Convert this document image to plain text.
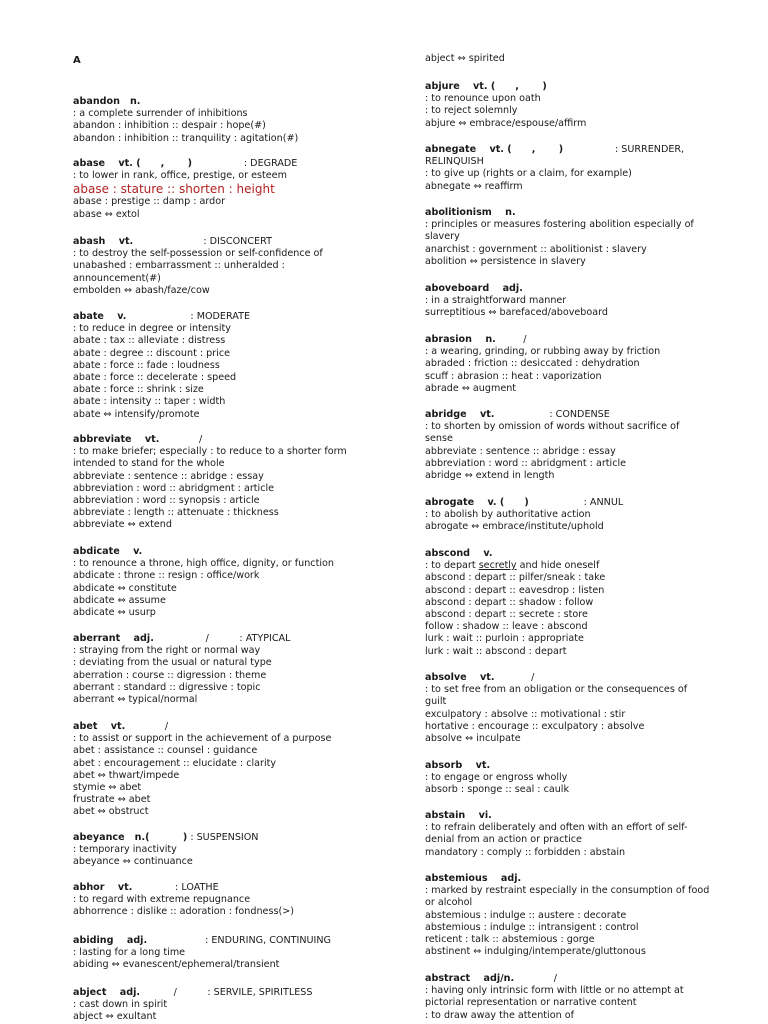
A
abandon   n.
: a complete surrender of inhibitions
abandon : inhibition :: despair : hope(#)
abandon : inhibition :: tranquility : agitation(#)
abase    vt. (      ,       )                 : DEGRADE
: to lower in rank, office, prestige, or esteem
abase : stature :: shorten : height
abase : prestige :: damp : ardor
abase ⇔ extol
abash    vt.                       : DISCONCERT
: to destroy the self-possession or self-confidence of
unabashed : embarrassment :: unheralded :
announcement(#)
embolden ⇔ abash/faze/cow
abate    v.                     : MODERATE
: to reduce in degree or intensity
abate : tax :: alleviate : distress
abate : degree :: discount : price
abate : force :: fade : loudness
abate : force :: decelerate : speed
abate : force :: shrink : size
abate : intensity :: taper : width
abate ⇔ intensify/promote
abbreviate    vt.             /
: to make briefer; especially : to reduce to a shorter form
intended to stand for the whole
abbreviate : sentence :: abridge : essay
abbreviation : word :: abridgment : article
abbreviation : word :: synopsis : article
abbreviate : length :: attenuate : thickness
abbreviate ⇔ extend
abdicate    v.
: to renounce a throne, high office, dignity, or function
abdicate : throne :: resign : office/work
abdicate ⇔ constitute
abdicate ⇔ assume
abdicate ⇔ usurp
aberrant    adj.                 /          : ATYPICAL
: straying from the right or normal way
: deviating from the usual or natural type
aberration : course :: digression : theme
aberrant : standard :: digressive : topic
aberrant ⇔ typical/normal
abet    vt.             /
: to assist or support in the achievement of a purpose
abet : assistance :: counsel : guidance
abet : encouragement :: elucidate : clarity
abet ⇔ thwart/impede
stymie ⇔ abet
frustrate ⇔ abet
abet ⇔ obstruct
abeyance   n.(          ) : SUSPENSION
: temporary inactivity
abeyance ⇔ continuance
abhor    vt.              : LOATHE
: to regard with extreme repugnance
abhorrence : dislike :: adoration : fondness(>)
abiding    adj.                   : ENDURING, CONTINUING
: lasting for a long time
abiding ⇔ evanescent/ephemeral/transient
abject    adj.           /          : SERVILE, SPIRITLESS
: cast down in spirit
abject ⇔ exultant
abject ⇔ spirited
abjure    vt. (      ,       )
: to renounce upon oath
: to reject solemnly
abjure ⇔ embrace/espouse/affirm
abnegate    vt. (      ,       )                 : SURRENDER,
RELINQUISH
: to give up (rights or a claim, for example)
abnegate ⇔ reaffirm
abolitionism    n.
: principles or measures fostering abolition especially of
slavery
anarchist : government :: abolitionist : slavery
abolition ⇔ persistence in slavery
aboveboard    adj.
: in a straightforward manner
surreptitious ⇔ barefaced/aboveboard
abrasion    n.         /
: a wearing, grinding, or rubbing away by friction
abraded : friction :: desiccated : dehydration
scuff : abrasion :: heat : vaporization
abrade ⇔ augment
abridge    vt.                  : CONDENSE
: to shorten by omission of words without sacrifice of
sense
abbreviate : sentence :: abridge : essay
abbreviation : word :: abridgment : article
abridge ⇔ extend in length
abrogate    v. (      )                  : ANNUL
: to abolish by authoritative action
abrogate ⇔ embrace/institute/uphold
abscond    v.
: to depart secretly and hide oneself
abscond : depart :: pilfer/sneak : take
abscond : depart :: eavesdrop : listen
abscond : depart :: shadow : follow
abscond : depart :: secrete : store
follow : shadow :: leave : abscond
lurk : wait :: purloin : appropriate
lurk : wait :: abscond : depart
absolve    vt.            /
: to set free from an obligation or the consequences of
guilt
exculpatory : absolve :: motivational : stir
hortative : encourage :: exculpatory : absolve
absolve ⇔ inculpate
absorb    vt.
: to engage or engross wholly
absorb : sponge :: seal : caulk
abstain    vi.
: to refrain deliberately and often with an effort of self-
denial from an action or practice
mandatory : comply :: forbidden : abstain
abstemious    adj.
: marked by restraint especially in the consumption of food
or alcohol
abstemious : indulge :: austere : decorate
abstemious : indulge :: intransigent : control
reticent : talk :: abstemious : gorge
abstinent ⇔ indulging/intemperate/gluttonous
abstract    adj/n.             /
: having only intrinsic form with little or no attempt at
pictorial representation or narrative content
: to draw away the attention of
